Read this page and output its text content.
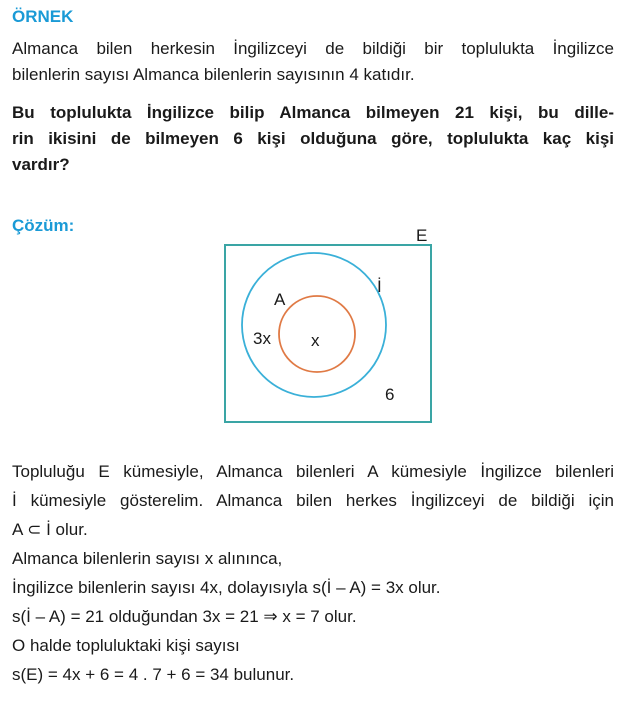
ÖRNEK
Almanca bilen herkesin İngilizceyi de bildiği bir toplulukta İngilizce
bilenlerin sayısı Almanca bilenlerin sayısının 4 katıdır.
Bu toplulukta İngilizce bilip Almanca bilmeyen 21 kişi, bu dille-
rin ikisini de bilmeyen 6 kişi olduğuna göre, toplulukta kaç kişi
vardır?
Çözüm:
E
İ
A
3x x
6
Topluluğu E kümesiyle, Almanca bilenleri A kümesiyle İngilizce bilenleri
İ kümesiyle gösterelim. Almanca bilen herkes İngilizceyi de bildiği için
A ⊂ İ olur.
Almanca bilenlerin sayısı x alınınca,
İngilizce bilenlerin sayısı 4x, dolayısıyla s(İ – A) = 3x olur.
s(İ – A) = 21 olduğundan 3x = 21 ⇒ x = 7 olur.
O halde topluluktaki kişi sayısı
s(E) = 4x + 6 = 4 . 7 + 6 = 34 bulunur.
